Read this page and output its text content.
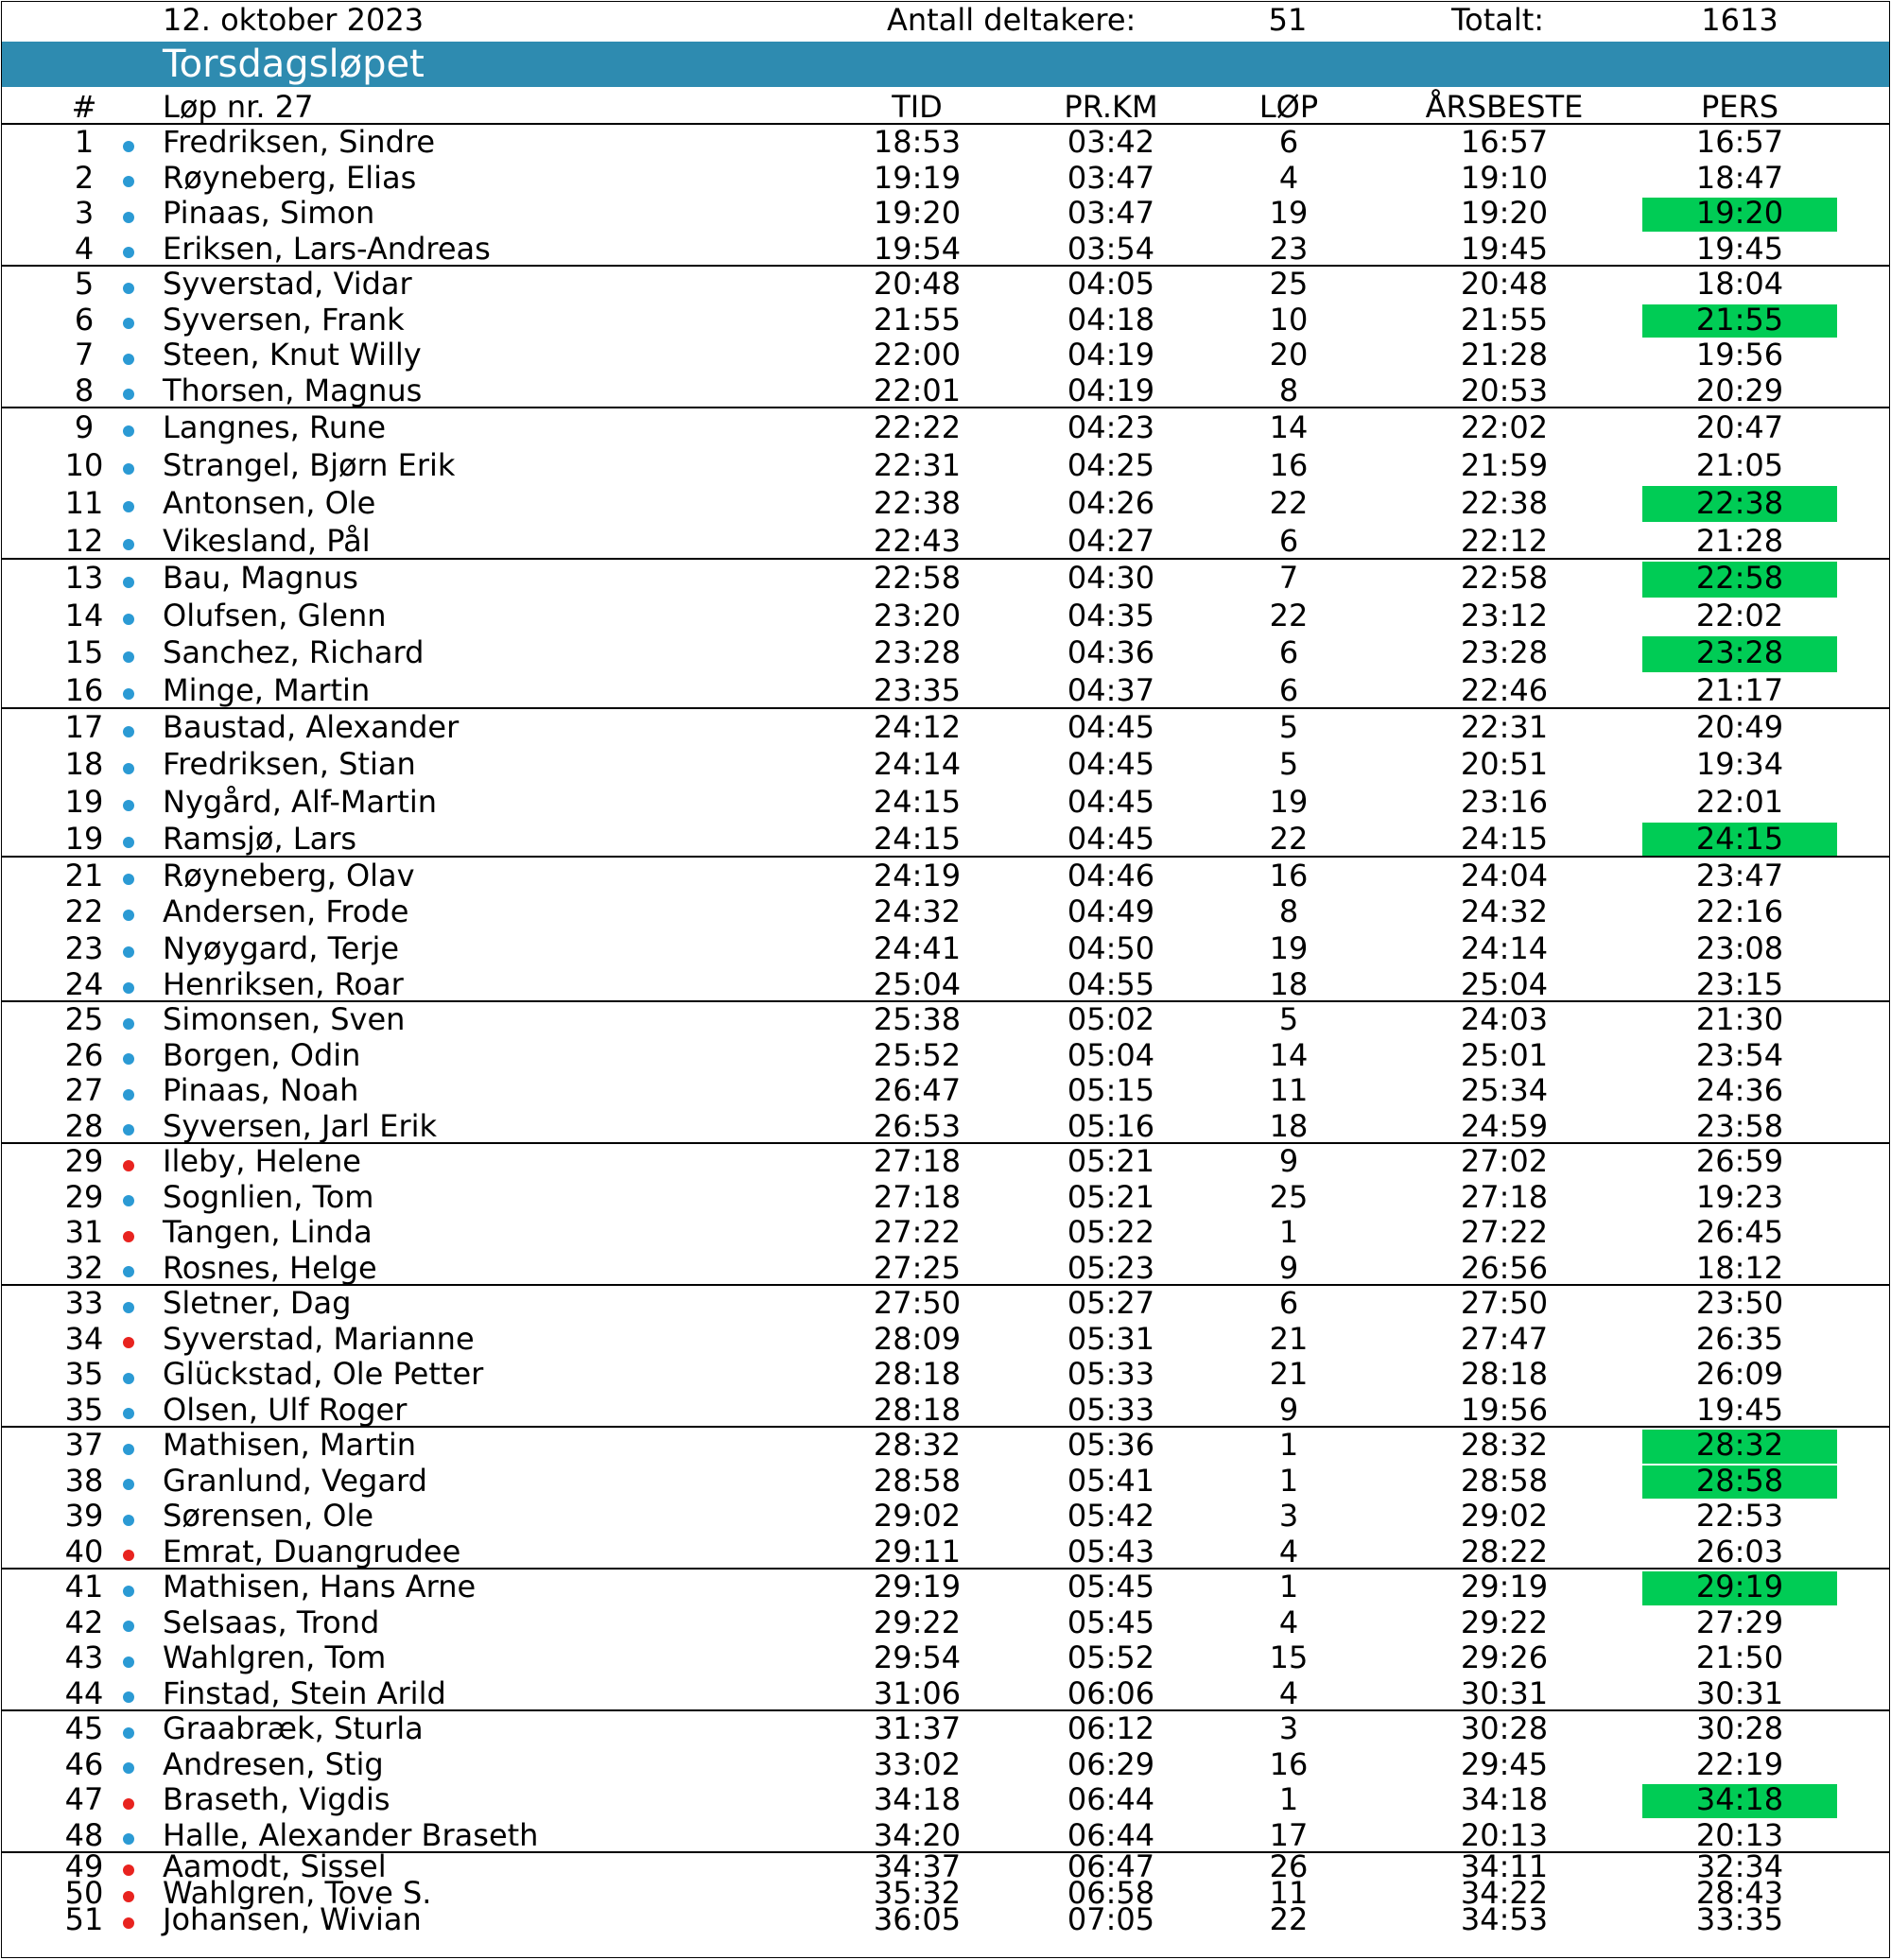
12. oktober 2023	Antall deltakere:	51	Totalt:	1613
Torsdagsløpet
# Løp nr. 27	TID	PR.KM	LØP	ÅRSBESTE	PERS
1 Fredriksen, Sindre	18:53	03:42	6	16:57	16:57
2 Røyneberg, Elias	19:19	03:47	4	19:10	18:47
3 Pinaas, Simon	19:20	03:47	19	19:20	19:20
4 Eriksen, Lars-Andreas	19:54	03:54	23	19:45	19:45
5 Syverstad, Vidar	20:48	04:05	25	20:48	18:04
6 Syversen, Frank	21:55	04:18	10	21:55	21:55
7 Steen, Knut Willy	22:00	04:19	20	21:28	19:56
8 Thorsen, Magnus	22:01	04:19	8	20:53	20:29
9 Langnes, Rune	22:22	04:23	14	22:02	20:47
10 Strangel, Bjørn Erik	22:31	04:25	16	21:59	21:05
11 Antonsen, Ole	22:38	04:26	22	22:38	22:38
12 Vikesland, Pål	22:43	04:27	6	22:12	21:28
13 Bau, Magnus	22:58	04:30	7	22:58	22:58
14 Olufsen, Glenn	23:20	04:35	22	23:12	22:02
15 Sanchez, Richard	23:28	04:36	6	23:28	23:28
16 Minge, Martin	23:35	04:37	6	22:46	21:17
17 Baustad, Alexander	24:12	04:45	5	22:31	20:49
18 Fredriksen, Stian	24:14	04:45	5	20:51	19:34
19 Nygård, Alf-Martin	24:15	04:45	19	23:16	22:01
19 Ramsjø, Lars	24:15	04:45	22	24:15	24:15
21 Røyneberg, Olav	24:19	04:46	16	24:04	23:47
22 Andersen, Frode	24:32	04:49	8	24:32	22:16
23 Nyøygard, Terje	24:41	04:50	19	24:14	23:08
24 Henriksen, Roar	25:04	04:55	18	25:04	23:15
25 Simonsen, Sven	25:38	05:02	5	24:03	21:30
26 Borgen, Odin	25:52	05:04	14	25:01	23:54
27 Pinaas, Noah	26:47	05:15	11	25:34	24:36
28 Syversen, Jarl Erik	26:53	05:16	18	24:59	23:58
29 Ileby, Helene	27:18	05:21	9	27:02	26:59
29 Sognlien, Tom	27:18	05:21	25	27:18	19:23
31 Tangen, Linda	27:22	05:22	1	27:22	26:45
32 Rosnes, Helge	27:25	05:23	9	26:56	18:12
33 Sletner, Dag	27:50	05:27	6	27:50	23:50
34 Syverstad, Marianne	28:09	05:31	21	27:47	26:35
35 Glückstad, Ole Petter	28:18	05:33	21	28:18	26:09
35 Olsen, Ulf Roger	28:18	05:33	9	19:56	19:45
37 Mathisen, Martin	28:32	05:36	1	28:32	28:32
38 Granlund, Vegard	28:58	05:41	1	28:58	28:58
39 Sørensen, Ole	29:02	05:42	3	29:02	22:53
40 Emrat, Duangrudee	29:11	05:43	4	28:22	26:03
41 Mathisen, Hans Arne	29:19	05:45	1	29:19	29:19
42 Selsaas, Trond	29:22	05:45	4	29:22	27:29
43 Wahlgren, Tom	29:54	05:52	15	29:26	21:50
44 Finstad, Stein Arild	31:06	06:06	4	30:31	30:31
45 Graabræk, Sturla	31:37	06:12	3	30:28	30:28
46 Andresen, Stig	33:02	06:29	16	29:45	22:19
47 Braseth, Vigdis	34:18	06:44	1	34:18	34:18
48 Halle, Alexander Braseth	34:20	06:44	17	20:13	20:13
49 Aamodt, Sissel	34:37	06:47	26	34:11	32:34
50 Wahlgren, Tove S.	35:32	06:58	11	34:22	28:43
51 Johansen, Wivian	36:05	07:05	22	34:53	33:35
